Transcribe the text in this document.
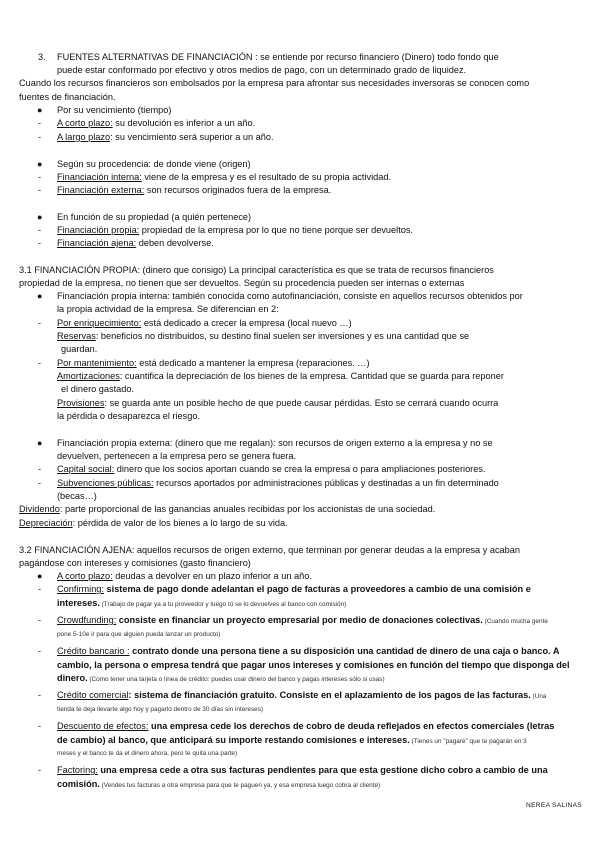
3. FUENTES ALTERNATIVAS DE FINANCIACIÓN : se entiende por recurso financiero (Dinero) todo fondo que
puede estar conformado por efectivo y otros medios de pago, con un determinado grado de liquidez.
Cuando los recursos financieros son embolsados por la empresa para afrontar sus necesidades inversoras se conocen como
fuentes de financiación.
● Por su vencimiento (tiempo)
- A corto plazo: su devolución es inferior a un año.
- A largo plazo: su vencimiento será superior a un año.
● Según su procedencia: de donde viene (origen)
- Financiación interna: viene de la empresa y es el resultado de su propia actividad.
- Financiación externa: son recursos originados fuera de la empresa.
● En función de su propiedad (a quién pertenece)
- Financiación propia: propiedad de la empresa por lo que no tiene porque ser devueltos.
- Financiación ajena: deben devolverse.
3.1 FINANCIACIÓN PROPIA: (dinero que consigo) La principal característica es que se trata de recursos financieros
propiedad de la empresa, no tienen que ser devueltos. Según su procedencia pueden ser internas o externas
● Financiación propia interna: también conocida como autofinanciación, consiste en aquellos recursos obtenidos por
la propia actividad de la empresa. Se diferencian en 2:
- Por enriquecimiento: está dedicado a crecer la empresa (local nuevo …)
Reservas: beneficios no distribuidos, su destino final suelen ser inversiones y es una cantidad que se
guardan.
- Por mantenimiento: está dedicado a mantener la empresa (reparaciones. …)
Amortizaciones: cuantifica la depreciación de los bienes de la empresa. Cantidad que se guarda para reponer
el dinero gastado.
Provisiones: se guarda ante un posible hecho de que puede causar pérdidas. Esto se cerrará cuando ocurra
la pérdida o desaparezca el riesgo.
● Financiación propia externa: (dinero que me regalan): son recursos de origen externo a la empresa y no se
devuelven, pertenecen a la empresa pero se genera fuera.
- Capital social: dinero que los socios aportan cuando se crea la empresa o para ampliaciones posteriores.
- Subvenciones públicas: recursos aportados por administraciones públicas y destinadas a un fin determinado
(becas…)
Dividendo: parte proporcional de las ganancias anuales recibidas por los accionistas de una sociedad.
Depreciación: pérdida de valor de los bienes a lo largo de su vida.
3.2 FINANCIACIÓN AJENA: aquellos recursos de origen externo, que terminan por generar deudas a la empresa y acaban
pagándose con intereses y comisiones (gasto financiero)
● A corto plazo: deudas a devolver en un plazo inferior a un año.
- Confirming: sistema de pago donde adelantan el pago de facturas a proveedores a cambio de una comisión e
intereses. (Trabajo de pagar ya a tu proveedor y luego tú se lo devuelves al banco con comisión)
- Crowdfunding: consiste en financiar un proyecto empresarial por medio de donaciones colectivas. (Cuando mucha gente
pone 5-10e ir para que alguien pueda lanzar un producto)
- Crédito bancario : contrato donde una persona tiene a su disposición una cantidad de dinero de una caja o banco. A
cambio, la persona o empresa tendrá que pagar unos intereses y comisiones en función del tiempo que disponga del
dinero. (Como tener una tarjeta o línea de crédito: puedes usar dinero del banco y pagas intereses sólo si usas)
- Crédito comercial: sistema de financiación gratuito. Consiste en el aplazamiento de los pagos de las facturas. (Una
tienda te deja llevarte algo hoy y pagarlo dentro de 30 días sin intereses)
- Descuento de efectos: una empresa cede los derechos de cobro de deuda reflejados en efectos comerciales (letras
de cambio) al banco, que anticipará su importe restando comisiones e intereses. (Tienes un "pagaré" que te pagarán en 3
meses y el banco te da el dinero ahora, pero te quita una parte)
- Factoring: una empresa cede a otra sus facturas pendientes para que esta gestione dicho cobro a cambio de una
comisión. (Vendes tus facturas a otra empresa para que te paguen ya, y esa empresa luego cobra al cliente)
NEREA SALINAS
